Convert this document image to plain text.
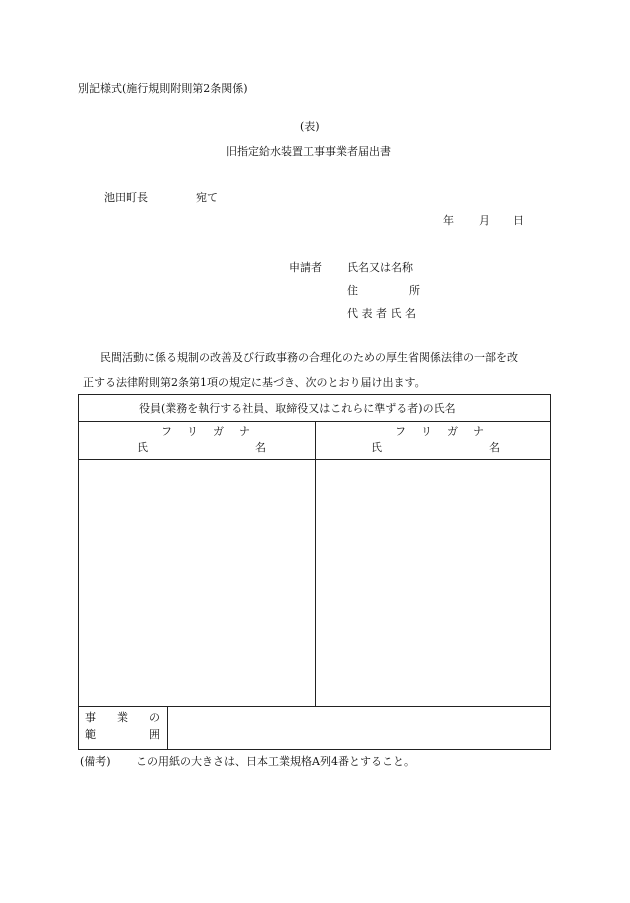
別記様式(施行規則附則第2条関係)
(表)
旧指定給水装置工事事業者届出書
池田町長	宛て
年 月 日
申請者 氏名又は名称
住	所
代 表 者 氏 名
民間活動に係る規制の改善及び行政事務の合理化のための厚生省関係法律の一部を改
正する法律附則第2条第1項の規定に基づき、次のとおり届け出ます。
役員(業務を執行する社員、取締役又はこれらに準ずる者)の氏名
フ リ ガ ナ
氏	名
フ リ ガ ナ
氏	名
事 業 の
範	囲
(備考) この用紙の大きさは、日本工業規格A列4番とすること。
